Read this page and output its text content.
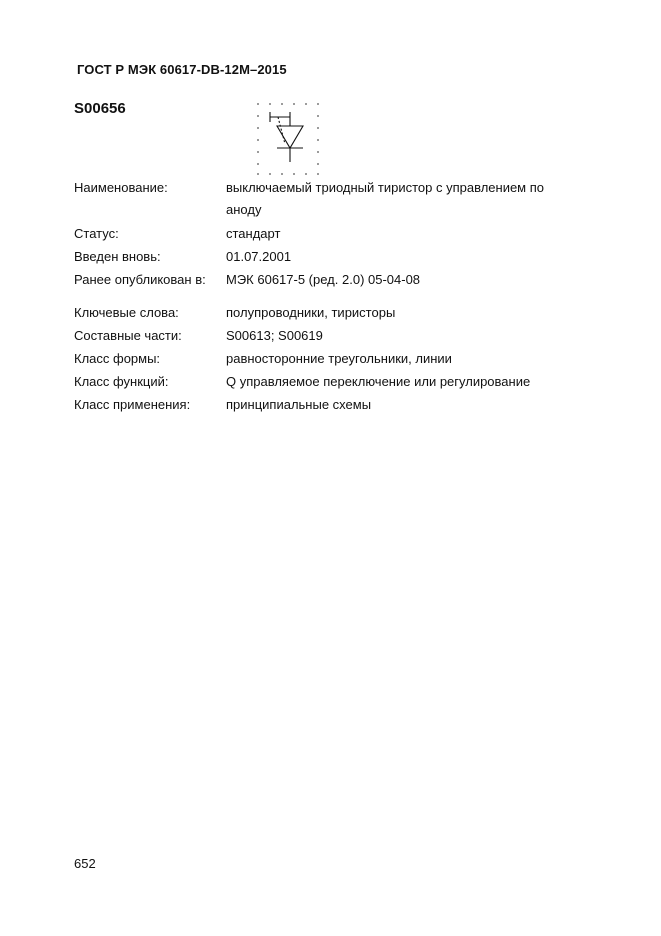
ГОСТ Р МЭК 60617-DB-12M–2015
S00656
Наименование:	выключаемый триодный тиристор с управлением по
аноду
Статус:	стандарт
Введен вновь:	01.07.2001
Ранее опубликован в:	МЭК 60617-5 (ред. 2.0) 05-04-08
Ключевые слова:	полупроводники, тиристоры
Составные части:	S00613; S00619
Класс формы:	равносторонние треугольники, линии
Класс функций:	Q управляемое переключение или регулирование
Класс применения:	принципиальные схемы
652
